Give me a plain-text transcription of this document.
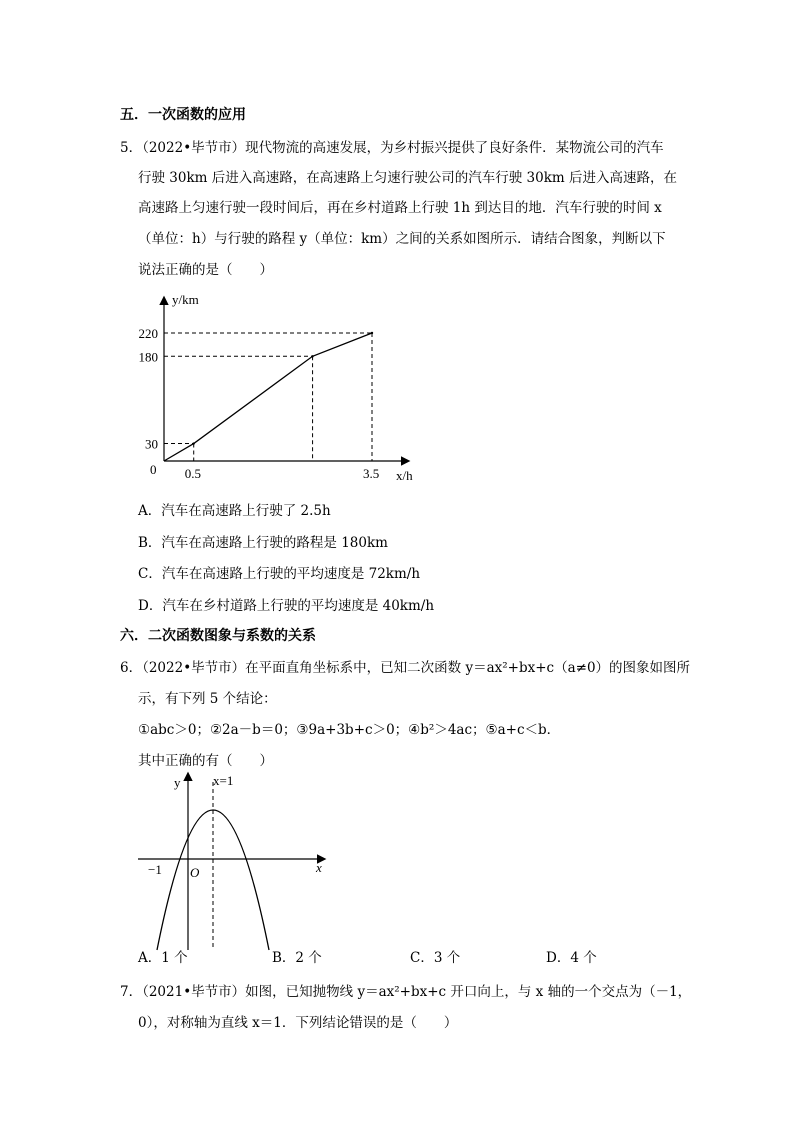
五．一次函数的应用
5．（2022•毕节市）现代物流的高速发展，为乡村振兴提供了良好条件．某物流公司的汽车
行驶 30km 后进入高速路，在高速路上匀速行驶公司的汽车行驶 30km 后进入高速路，在
高速路上匀速行驶一段时间后，再在乡村道路上行驶 1h 到达目的地．汽车行驶的时间 x
（单位：h）与行驶的路程 y（单位：km）之间的关系如图所示．请结合图象，判断以下
说法正确的是（　　）
y/km
x/h
0 0.5	3.5
30
180
220
A．汽车在高速路上行驶了 2.5h
B．汽车在高速路上行驶的路程是 180km
C．汽车在高速路上行驶的平均速度是 72km/h
D．汽车在乡村道路上行驶的平均速度是 40km/h
六．二次函数图象与系数的关系
6．（2022•毕节市）在平面直角坐标系中，已知二次函数 y＝ax²+bx+c（a≠0）的图象如图所
示，有下列 5 个结论：
①abc＞0；②2a－b＝0；③9a+3b+c＞0；④b²＞4ac；⑤a+c＜b．
其中正确的有（　　）
y
x
O
−1
x=1
A．1 个	B．2 个	C．3 个	D．4 个
7．（2021•毕节市）如图，已知抛物线 y＝ax²+bx+c 开口向上，与 x 轴的一个交点为（－1，
0），对称轴为直线 x＝1．下列结论错误的是（　　）
